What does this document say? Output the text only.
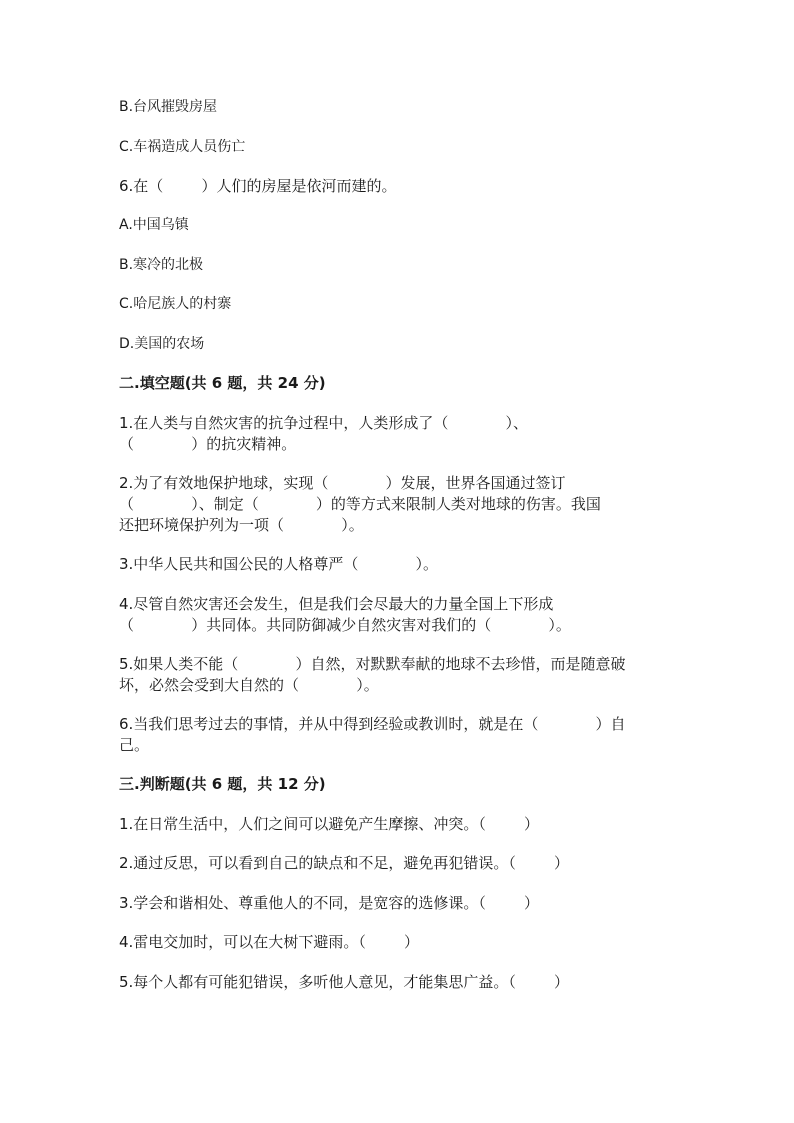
B.台风摧毁房屋
C.车祸造成人员伤亡
6.在（        ）人们的房屋是依河而建的。
A.中国乌镇
B.寒冷的北极
C.哈尼族人的村寨
D.美国的农场
二.填空题(共 6 题，共 24 分)
1.在人类与自然灾害的抗争过程中，人类形成了（            ）、
（            ）的抗灾精神。
2.为了有效地保护地球，实现（            ）发展，世界各国通过签订
（            ）、制定（            ）的等方式来限制人类对地球的伤害。我国
还把环境保护列为一项（            ）。
3.中华人民共和国公民的人格尊严（            ）。
4.尽管自然灾害还会发生，但是我们会尽最大的力量全国上下形成
（            ）共同体。共同防御减少自然灾害对我们的（            ）。
5.如果人类不能（            ）自然，对默默奉献的地球不去珍惜，而是随意破
坏，必然会受到大自然的（            ）。
6.当我们思考过去的事情，并从中得到经验或教训时，就是在（            ）自
己。
三.判断题(共 6 题，共 12 分)
1.在日常生活中，人们之间可以避免产生摩擦、冲突。（        ）
2.通过反思，可以看到自己的缺点和不足，避免再犯错误。（        ）
3.学会和谐相处、尊重他人的不同，是宽容的选修课。（        ）
4.雷电交加时，可以在大树下避雨。（        ）
5.每个人都有可能犯错误，多听他人意见，才能集思广益。（        ）
